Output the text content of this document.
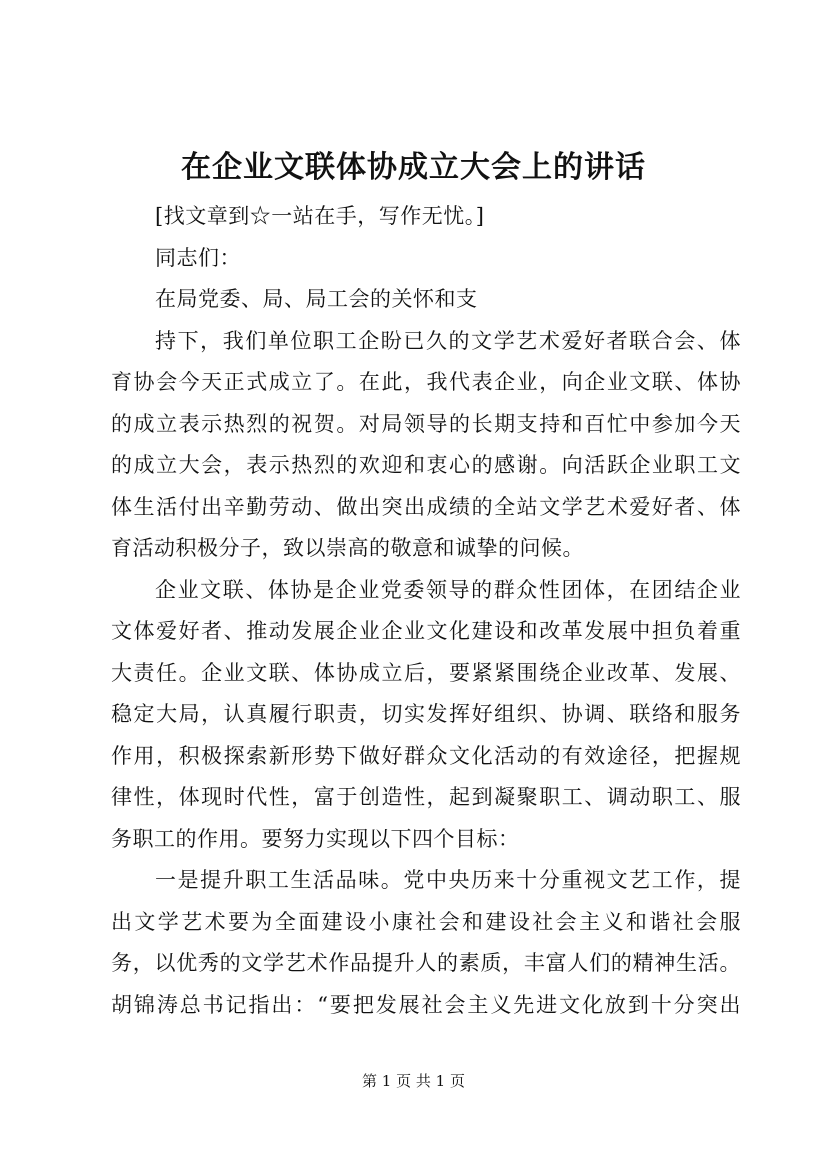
在企业文联体协成立大会上的讲话
[找文章到☆一站在手，写作无忧。]
同志们：
在局党委、局、局工会的关怀和支
持下，我们单位职工企盼已久的文学艺术爱好者联合会、体
育协会今天正式成立了。在此，我代表企业，向企业文联、体协
的成立表示热烈的祝贺。对局领导的长期支持和百忙中参加今天
的成立大会，表示热烈的欢迎和衷心的感谢。向活跃企业职工文
体生活付出辛勤劳动、做出突出成绩的全站文学艺术爱好者、体
育活动积极分子，致以崇高的敬意和诚挚的问候。
企业文联、体协是企业党委领导的群众性团体，在团结企业
文体爱好者、推动发展企业企业文化建设和改革发展中担负着重
大责任。企业文联、体协成立后，要紧紧围绕企业改革、发展、
稳定大局，认真履行职责，切实发挥好组织、协调、联络和服务
作用，积极探索新形势下做好群众文化活动的有效途径，把握规
律性，体现时代性，富于创造性，起到凝聚职工、调动职工、服
务职工的作用。要努力实现以下四个目标：
一是提升职工生活品味。党中央历来十分重视文艺工作，提
出文学艺术要为全面建设小康社会和建设社会主义和谐社会服
务，以优秀的文学艺术作品提升人的素质，丰富人们的精神生活。
胡锦涛总书记指出：“要把发展社会主义先进文化放到十分突出
第 1 页 共 1 页
